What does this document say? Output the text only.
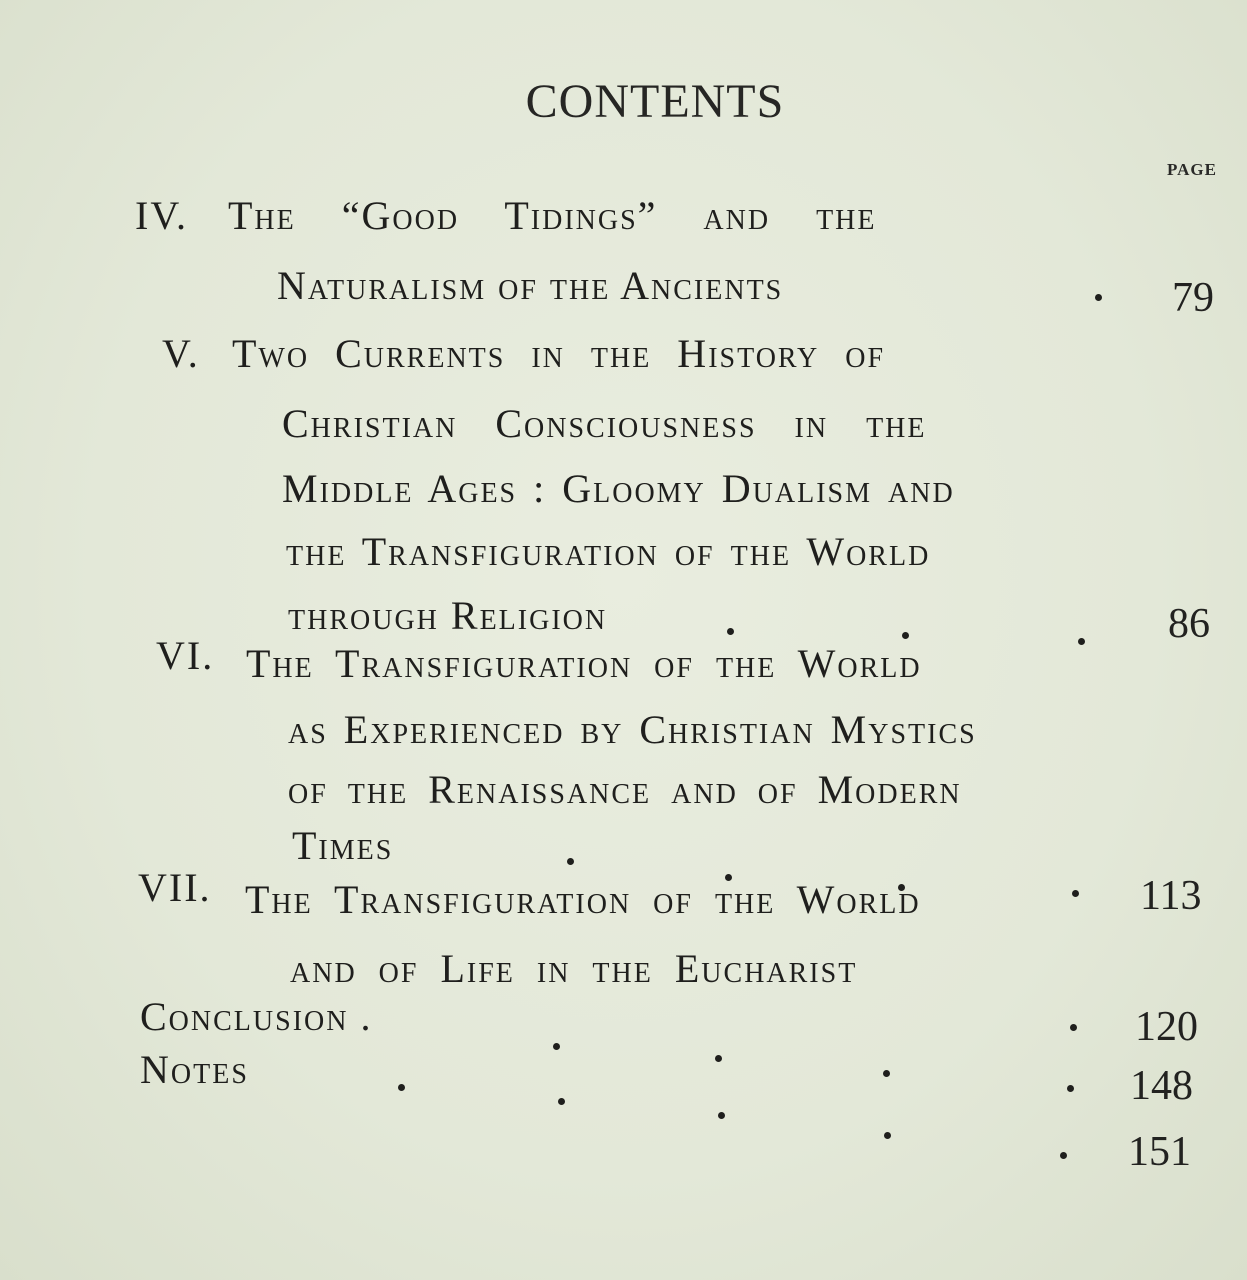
CONTENTS
PAGE
IV. The “Good Tidings” and the
Naturalism of the Ancients	79
V. Two Currents in the History of
Christian Consciousness in the
Middle Ages : Gloomy Dualism and
the Transfiguration of the World
through Religion	86
VI. The Transfiguration of the World
as Experienced by Christian Mystics
of the Renaissance and of Modern
Times
113
VII. The Transfiguration of the World
and of Life in the Eucharist
120
Conclusion .
148
Notes
151
